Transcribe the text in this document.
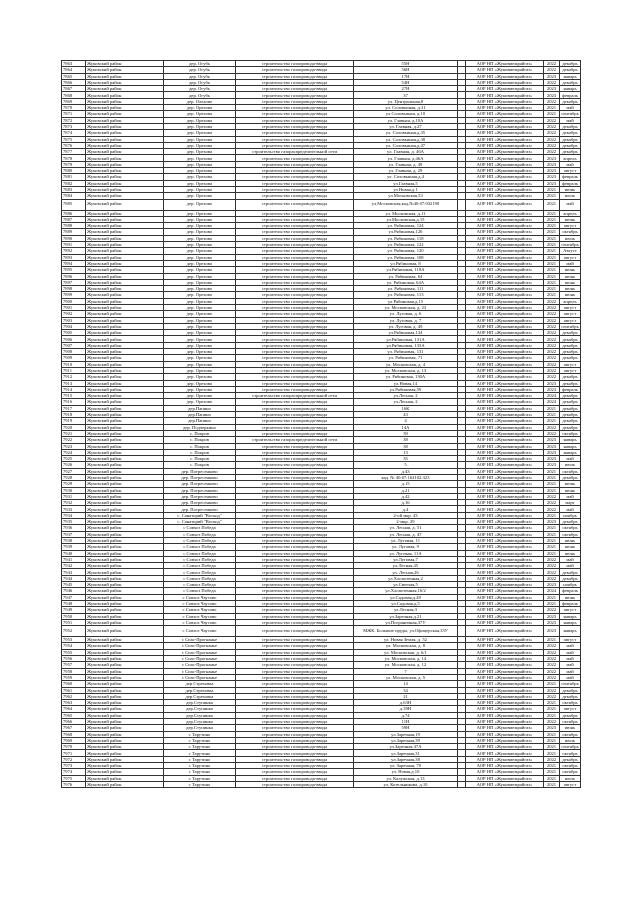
7863	Жуковский район	дер. Огубь	строительство газопровода-ввода	55Н		АОР НП «Жуковмежрайгаз»	2022	декабрь
7864	Жуковский район	дер. Огубь	строительство газопровода-ввода	56Н		АОР НП «Жуковмежрайгаз»	2022	декабрь
7865	Жуковский район	дер. Огубь	строительство газопровода-ввода	17Н		АОР НП «Жуковмежрайгаз»	2023	январь
7866	Жуковский район	дер. Огубь	строительство газопровода-ввода	54Н		АОР НП «Жуковмежрайгаз»	2022	декабрь
7867	Жуковский район	дер. Огубь	строительство газопровода-ввода	27Н		АОР НП «Жуковмежрайгаз»	2023	январь
7868	Жуковский район	дер. Огубь	строительство газопровода-ввода	37		АОР НП «Жуковмежрайгаз»	2023	февраль
7869	Жуковский район	дер. Ольхово	строительство газопровода-ввода	ул. Центральная,8		АОР НП «Жуковмежрайгаз»	2022	декабрь
7870	Жуковский район	дер. Орехова	строительство газопровода-ввода	ул. Соловьиная, д.31		АОР НП «Жуковмежрайгаз»	2021	май
7871	Жуковский район	дер. Орехова	строительство газопровода-ввода	ул.Соловьиная, д.10		АОР НП «Жуковмежрайгаз»	2021	сентябрь
7872	Жуковский район	дер. Орехова	строительство газопровода-ввода	ул. Главная, д.10А		АОР НП «Жуковмежрайгаз»	2022	май
7873	Жуковский район	дер. Орехова	строительство газопровода-ввода	ул. Главная, д.27		АОР НП «Жуковмежрайгаз»	2022	декабрь
7874	Жуковский район	дер. Орехова	строительство газопровода-ввода	ул. Соловьиная,д.35		АОР НП «Жуковмежрайгаз»	2022	декабрь
7875	Жуковский район	дер. Орехова	строительство газопровода-ввода	ул. Соловьиная,д.38		АОР НП «Жуковмежрайгаз»	2022	декабрь
7876	Жуковский район	дер. Орехова	строительство газопровода-ввода	ул. Соловьиная,д.47		АОР НП «Жуковмежрайгаз»	2022	декабрь
7877	Жуковский район	дер. Орехова	строительство газораспределительной сети	ул. Главная, д. 46А		АОР НП «Жуковмежрайгаз»	2022	декабрь
7878	Жуковский район	дер. Орехова	строительство газопровода-ввода	ул. Главная, д.46А		АОР НП «Жуковмежрайгаз»	2023	апрель
7879	Жуковский район	дер. Орехова	строительство газопровода-ввода	ул. Главная, д. 49		АОР НП «Жуковмежрайгаз»	2023	май
7880	Жуковский район	дер. Орехова	строительство газопровода-ввода	ул. Главная, д. 29		АОР НП «Жуковмежрайгаз»	2023	август
7881	Жуковский район	дер. Орехова	строительство газопровода-ввода	ул. Соловьиная,д.4		АОР НП «Жуковмежрайгаз»	2023	февраль
7882	Жуковский район	дер. Орехова	строительство газопровода-ввода	ул.Главная,5		АОР НП «Жуковмежрайгаз»	2023	февраль
7883	Жуковский район	дер. Орехово	строительство газопровода-ввода	ул.Новая,д.1		АОР НП «Жуковмежрайгаз»	2021	июнь
7884	Жуковский район	дер. Орехово	строительство газопровода-ввода	ул.Московская,53		АОР НП «Жуковмежрайгаз»	2021	июль
7885	Жуковский район	дер. Орехово	строительство газопровода-ввода	ул.Московская,кад.№40:07:032190		АОР НП «Жуковмежрайгаз»	2021	май
7886	Жуковский район	дер. Орехово	строительство газопровода-ввода	ул. Московская, д.11		АОР НП «Жуковмежрайгаз»	2021	апрель
7887	Жуковский район	дер. Орехово	строительство газопровода-ввода	ул.Московская,д.15		АОР НП «Жуковмежрайгаз»	2021	июнь
7888	Жуковский район	дер. Орехово	строительство газопровода-ввода	ул. Рябиновая, 124		АОР НП «Жуковмежрайгаз»	2021	август
7889	Жуковский район	дер. Орехово	строительство газопровода-ввода	ул.Рябиновая,126		АОР НП «Жуковмежрайгаз»	2021	октябрь
7890	Жуковский район	дер. Орехово	строительство газопровода-ввода	ул. Рябиновая, 118		АОР НП «Жуковмежрайгаз»	2021	июль
7891	Жуковский район	дер. Орехово	строительство газопровода-ввода	ул. Рябиновая, 122		АОР НП «Жуковмежрайгаз»	2021	сентябрь
7892	Жуковский район	дер. Орехово	строительство газопровода-ввода	ул. Рябиновая, 120		АОР НП «Жуковмежрайгаз»	2021	Август
7893	Жуковский район	дер. Орехово	строительство газопровода-ввода	ул. Рябиновая, 108		АОР НП «Жуковмежрайгаз»	2021	август
7894	Жуковский район	дер. Орехово	строительство газопровода-ввода	ул.Рябиновая, 8		АОР НП «Жуковмежрайгаз»	2021	май
7895	Жуковский район	дер. Орехово	строительство газопровода-ввода	ул.Рябиновая, 118А		АОР НП «Жуковмежрайгаз»	2021	июнь
7896	Жуковский район	дер. Орехово	строительство газопровода-ввода	ул. Рябиновая, 64		АОР НП «Жуковмежрайгаз»	2021	июнь
7897	Жуковский район	дер. Орехово	строительство газопровода-ввода	ул. Рябиновая, 64А		АОР НП «Жуковмежрайгаз»	2021	июнь
7898	Жуковский район	дер. Орехово	строительство газопровода-ввода	ул. Рябиновая, 111		АОР НП «Жуковмежрайгаз»	2021	июнь
7899	Жуковский район	дер. Орехово	строительство газопровода-ввода	ул. Рябиновая, 113		АОР НП «Жуковмежрайгаз»	2021	июнь
7900	Жуковский район	дер. Орехово	строительство газопровода-ввода	ул.Рябиновая,д.15		АОР НП «Жуковмежрайгаз»	2022	апрель
7901	Жуковский район	дер. Орехово	строительство газопровода-ввода	ул. Московская, д. 23		АОР НП «Жуковмежрайгаз»	2022	август
7902	Жуковский район	дер. Орехово	строительство газопровода-ввода	ул. Луговая, д. 6		АОР НП «Жуковмежрайгаз»	2022	август
7903	Жуковский район	дер. Орехово	строительство газопровода-ввода	ул. Луговая, д. 7		АОР НП «Жуковмежрайгаз»	2022	август
7904	Жуковский район	дер. Орехово	строительство газопровода-ввода	ул. Луговая, д. 49		АОР НП «Жуковмежрайгаз»	2022	сентябрь
7905	Жуковский район	дер. Орехово	строительство газопровода-ввода	ул.Рябиновая,134		АОР НП «Жуковмежрайгаз»	2022	декабрь
7906	Жуковский район	дер. Орехово	строительство газопровода-ввода	ул.Рябиновая, 131А		АОР НП «Жуковмежрайгаз»	2022	декабрь
7907	Жуковский район	дер. Орехово	строительство газопровода-ввода	ул.Рябиновая, 133А		АОР НП «Жуковмежрайгаз»	2022	декабрь
7908	Жуковский район	дер. Орехово	строительство газопровода-ввода	ул. Рябиновая, 131		АОР НП «Жуковмежрайгаз»	2022	декабрь
7909	Жуковский район	дер. Орехово	строительство газопровода-ввода	ул. Рябиновая, 71		АОР НП «Жуковмежрайгаз»	2022	декабрь
7910	Жуковский район	дер. Орехово	строительство газопровода-ввода	ул. Московская, д. 4		АОР НП «Жуковмежрайгаз»	2022	август
7911	Жуковский район	дер. Орехово	строительство газопровода-ввода	ул. Московская, д. 13		АОР НП «Жуковмежрайгаз»	2022	август
7912	Жуковский район	дер. Орехово	строительство газопровода-ввода	ул. Рябиновая, 130А		АОР НП «Жуковмежрайгаз»	2022	декабрь
7913	Жуковский район	дер. Орехово	строительство газопровода-ввода	ул.Новая,14		АОР НП «Жуковмежрайгаз»	2023	декабрь
7914	Жуковский район	дер. Орехово	строительство газопровода-ввода	ул.Рябиновая,59		АОР НП «Жуковмежрайгаз»	2023	февраль
7915	Жуковский район	дер. Орехово	строительство газораспределительной сети	ул.Лесная, 2		АОР НП «Жуковмежрайгаз»	2024	декабрь
7916	Жуковский район	дер. Орехово	строительство газопровода-ввода	ул.Лесная, 2		АОР НП «Жуковмежрайгаз»	2024	декабрь
7917	Жуковский район	дер.Папино	строительство газопровода-ввода	16К		АОР НП «Жуковмежрайгаз»	2021	декабрь
7918	Жуковский район	дер.Папино	строительство газопровода-ввода	43		АОР НП «Жуковмежрайгаз»	2021	декабрь
7919	Жуковский район	дер.Папино	строительство газопровода-ввода	4		АОР НП «Жуковмежрайгаз»	2021	декабрь
7920	Жуковский район	дер. Подчеркино	строительство газопровода-ввода	14А		АОР НП «Жуковмежрайгаз»	2022	декабрь
7921	Жуковский район	с. Покров	строительство газопровода-ввода	39		АОР НП «Жуковмежрайгаз»	2022	октябрь
7922	Жуковский район	с. Покров	строительство газораспределительной сети	38		АОР НП «Жуковмежрайгаз»	2023	январь
7923	Жуковский район	с. Покров	строительство газопровода-ввода	38		АОР НП «Жуковмежрайгаз»	2023	январь
7924	Жуковский район	с. Покров	строительство газопровода-ввода	13		АОР НП «Жуковмежрайгаз»	2023	январь
7925	Жуковский район	с. Покров	строительство газопровода-ввода	35		АОР НП «Жуковмежрайгаз»	2023	май
7926	Жуковский район	с. Покров	строительство газопровода-ввода	5		АОР НП «Жуковмежрайгаз»	2023	июль
7927	Жуковский район	дер. Потресенково	строительство газопровода-ввода	д.43		АОР НП «Жуковмежрайгаз»	2021	октябрь
7928	Жуковский район	дер. Потресенково	строительство газопровода-ввода	кад. № 40:07:162102:323		АОР НП «Жуковмежрайгаз»	2021	декабрь
7929	Жуковский район	дер. Потресенково	строительство газопровода-ввода	д.15		АОР НП «Жуковмежрайгаз»	2021	июнь
7930	Жуковский район	дер. Потресенково	строительство газопровода-ввода	д.21		АОР НП «Жуковмежрайгаз»	2021	июнь
7931	Жуковский район	дер. Потресенково	строительство газопровода-ввода	д.42		АОР НП «Жуковмежрайгаз»	2022	май
7932	Жуковский район	дер. Потресенково	строительство газопровода-ввода	д.16		АОР НП «Жуковмежрайгаз»	2022	март
7933	Жуковский район	дер. Потресенково	строительство газопровода-ввода	д.4		АОР НП «Жуковмежрайгаз»	2022	май
7934	Жуковский район	с. Санаторий "Воскод"	строительство газопровода-ввода	2-ой мкр. 43		АОР НП «Жуковмежрайгаз»	2021	ноябрь
7935	Жуковский район	с. Санаторий "Воскод"	строительство газопровода-ввода	2-мкр. 29		АОР НП «Жуковмежрайгаз»	2023	декабрь
7936	Жуковский район	с Совхоз Победа	строительство газопровода-ввода	ул. Лесная, д. 51		АОР НП «Жуковмежрайгаз»	2021	октябрь
7937	Жуковский район	с Совхоз Победа	строительство газопровода-ввода	ул. Лесная, д. 47		АОР НП «Жуковмежрайгаз»	2021	октябрь
7938	Жуковский район	с Совхоз Победа	строительство газопровода-ввода	ул. Луговая, 11		АОР НП «Жуковмежрайгаз»	2021	июнь
7939	Жуковский район	с Совхоз Победа	строительство газопровода-ввода	ул. Луговая, 9		АОР НП «Жуковмежрайгаз»	2021	июнь
7940	Жуковский район	с Совхоз Победа	строительство газопровода-ввода	ул. Луговая, 11А		АОР НП «Жуковмежрайгаз»	2021	июнь
7941	Жуковский район	с Совхоз Победа	строительство газопровода-ввода	ул.Луговая,7		АОР НП «Жуковмежрайгаз»	2022	май
7942	Жуковский район	с Совхоз Победа	строительство газопровода-ввода	ул.Лесная,45		АОР НП «Жуковмежрайгаз»	2022	май
7943	Жуковский район	с Совхоз Победа	строительство газопровода-ввода	ул. Лесная,26		АОР НП «Жуковмежрайгаз»	2022	декабрь
7944	Жуковский район	с Совхоз Победа	строительство газопровода-ввода	ул.Хлопотенная,2		АОР НП «Жуковмежрайгаз»	2022	декабрь
7945	Жуковский район	с Совхоз Победа	строительство газопровода-ввода	ул.Светлая,5		АОР НП «Жуковмежрайгаз»	2023	ноябрь
7946	Жуковский район	с Совхоз Победа	строительство газопровода-ввода	ул.Хлопотенная,16/2		АОР НП «Жуковмежрайгаз»	2024	февраль
7947	Жуковский район	с Совхоз Чаусово	строительство газопровода-ввода	ул.Садовая,д.49		АОР НП «Жуковмежрайгаз»	2021	июнь
7948	Жуковский район	с Совхоз Чаусово	строительство газопровода-ввода	ул.Садовая,д.5		АОР НП «Жуковмежрайгаз»	2021	февраль
7949	Жуковский район	с Совхоз Чаусово	строительство газопровода-ввода	ул.Лесная,3		АОР НП «Жуковмежрайгаз»	2022	август
7950	Жуковский район	с Совхоз Чаусово	строительство газопровода-ввода	ул.Заречная,д.21		АОР НП «Жуковмежрайгаз»	2023	январь
7951	Жуковский район	с Совхоз Чаусово	строительство газопровода-ввода	ул.Пограничная,37У		АОР НП «Жуковмежрайгаз»	2023	январь
7952	Жуковский район	с Совхоз Чаусово	строительство газопровода-ввода	МЖК. Большие пруды, ул.Офицерская,33У		АОР НП «Жуковмежрайгаз»	2023	январь
7953	Жуковский район	с Спас-Прогнанье	строительство газопровода-ввода	ул. Новая Земля, д. 52		АОР НП «Жуковмежрайгаз»	2021	август
7954	Жуковский район	с Спас-Прогнанье	строительство газопровода-ввода	ул. Московская, д. 8		АОР НП «Жуковмежрайгаз»	2022	май
7955	Жуковский район	с Спас-Прогнанье	строительство газопровода-ввода	ул. Московская, д. 6/1		АОР НП «Жуковмежрайгаз»	2022	май
7956	Жуковский район	с Спас-Прогнанье	строительство газопровода-ввода	ул. Московская, д. 14		АОР НП «Жуковмежрайгаз»	2022	май
7957	Жуковский район	с Спас-Прогнанье	строительство газопровода-ввода	ул. Московская, д. 12		АОР НП «Жуковмежрайгаз»	2022	май
7958	Жуковский район	с Спас-Прогнанье	строительство газопровода-ввода	7		АОР НП «Жуковмежрайгаз»	2022	май
7959	Жуковский район	с Спас-Прогнанье	строительство газопровода-ввода	ул. Московская, д. 5		АОР НП «Жуковмежрайгаз»	2022	май
7960	Жуковский район	дер.Стреховка	строительство газопровода-ввода	14		АОР НП «Жуковмежрайгаз»	2021	сентябрь
7961	Жуковский район	дер.Стреховка	строительство газопровода-ввода	34		АОР НП «Жуковмежрайгаз»	2022	декабрь
7962	Жуковский район	дер.Стреховка	строительство газопровода-ввода	21		АОР НП «Жуковмежрайгаз»	2022	декабрь
7963	Жуковский район	дер.Ступинка	строительство газопровода-ввода	д.63Н		АОР НП «Жуковмежрайгаз»	2021	октябрь
7964	Жуковский район	дер.Ступинка	строительство газопровода-ввода	д.39Н		АОР НП «Жуковмежрайгаз»	2021	август
7965	Жуковский район	дер.Ступинка	строительство газопровода-ввода	д.74		АОР НП «Жуковмежрайгаз»	2021	декабрь
7966	Жуковский район	дер.Ступинка	строительство газопровода-ввода	11Н		АОР НП «Жуковмежрайгаз»	2022	октябрь
7967	Жуковский район	дер.Ступинка	строительство газопровода-ввода	59Н		АОР НП «Жуковмежрайгаз»	2023	июнь
7968	Жуковский район	с Тарутино	строительство газопровода-ввода	ул.Заречная,19		АОР НП «Жуковмежрайгаз»	2021	октябрь
7969	Жуковский район	с Тарутино	строительство газопровода-ввода	ул.Заречная,39		АОР НП «Жуковмежрайгаз»	2021	июль
7970	Жуковский район	с Тарутино	строительство газопровода-ввода	ул.Заречная 47А		АОР НП «Жуковмежрайгаз»	2021	сентябрь
7971	Жуковский район	с Тарутино	строительство газопровода-ввода	ул.Заречная,31		АОР НП «Жуковмежрайгаз»	2021	октябрь
7972	Жуковский район	с Тарутино	строительство газопровода-ввода	ул.Заречная,38		АОР НП «Жуковмежрайгаз»	2022	декабрь
7973	Жуковский район	с Тарутино	строительство газопровода-ввода	ул. Заречная, 70		АОР НП «Жуковмежрайгаз»	2021	октябрь
7974	Жуковский район	с Тарутино	строительство газопровода-ввода	ул. Новая,д.10		АОР НП «Жуковмежрайгаз»	2021	октябрь
7975	Жуковский район	с Тарутино	строительство газопровода-ввода	ул. Калужская, д.13		АОР НП «Жуковмежрайгаз»	2021	июль
7976	Жуковский район	с Тарутино	строительство газопровода-ввода	ул. Котельникова, д.10		АОР НП «Жуковмежрайгаз»	2021	август
